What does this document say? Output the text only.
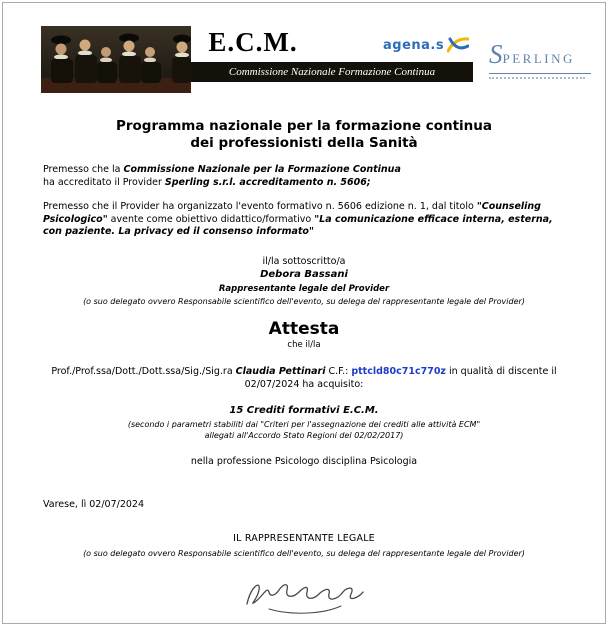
E.C.M.
Commissione Nazionale Formazione Continua
agena.s SPERLING
Programma nazionale per la formazione continua
dei professionisti della Sanità

Premesso che la Commissione Nazionale per la Formazione Continua
ha accreditato il Provider Sperling s.r.l. accreditamento n. 5606;

Premesso che il Provider ha organizzato l'evento formativo n. 5606 edizione n. 1, dal titolo "Counseling Psicologico" avente come obiettivo didattico/formativo "La comunicazione efficace interna, esterna, con paziente. La privacy ed il consenso informato"

il/la sottoscritto/a
Debora Bassani
Rappresentante legale del Provider
(o suo delegato ovvero Responsabile scientifico dell'evento, su delega del rappresentante legale del Provider)
Attesta
che il/la

Prof./Prof.ssa/Dott./Dott.ssa/Sig./Sig.ra Claudia Pettinari C.F.: pttcld80c71c770z in qualità di discente il 02/07/2024 ha acquisito:

15 Crediti formativi E.C.M.
(secondo i parametri stabiliti dai "Criteri per l'assegnazione dei crediti alle attività ECM"
allegati all'Accordo Stato Regioni del 02/02/2017)
nella professione Psicologo disciplina Psicologia
Varese, lì 02/07/2024
IL RAPPRESENTANTE LEGALE
(o suo delegato ovvero Responsabile scientifico dell'evento, su delega del rappresentante legale del Provider)
